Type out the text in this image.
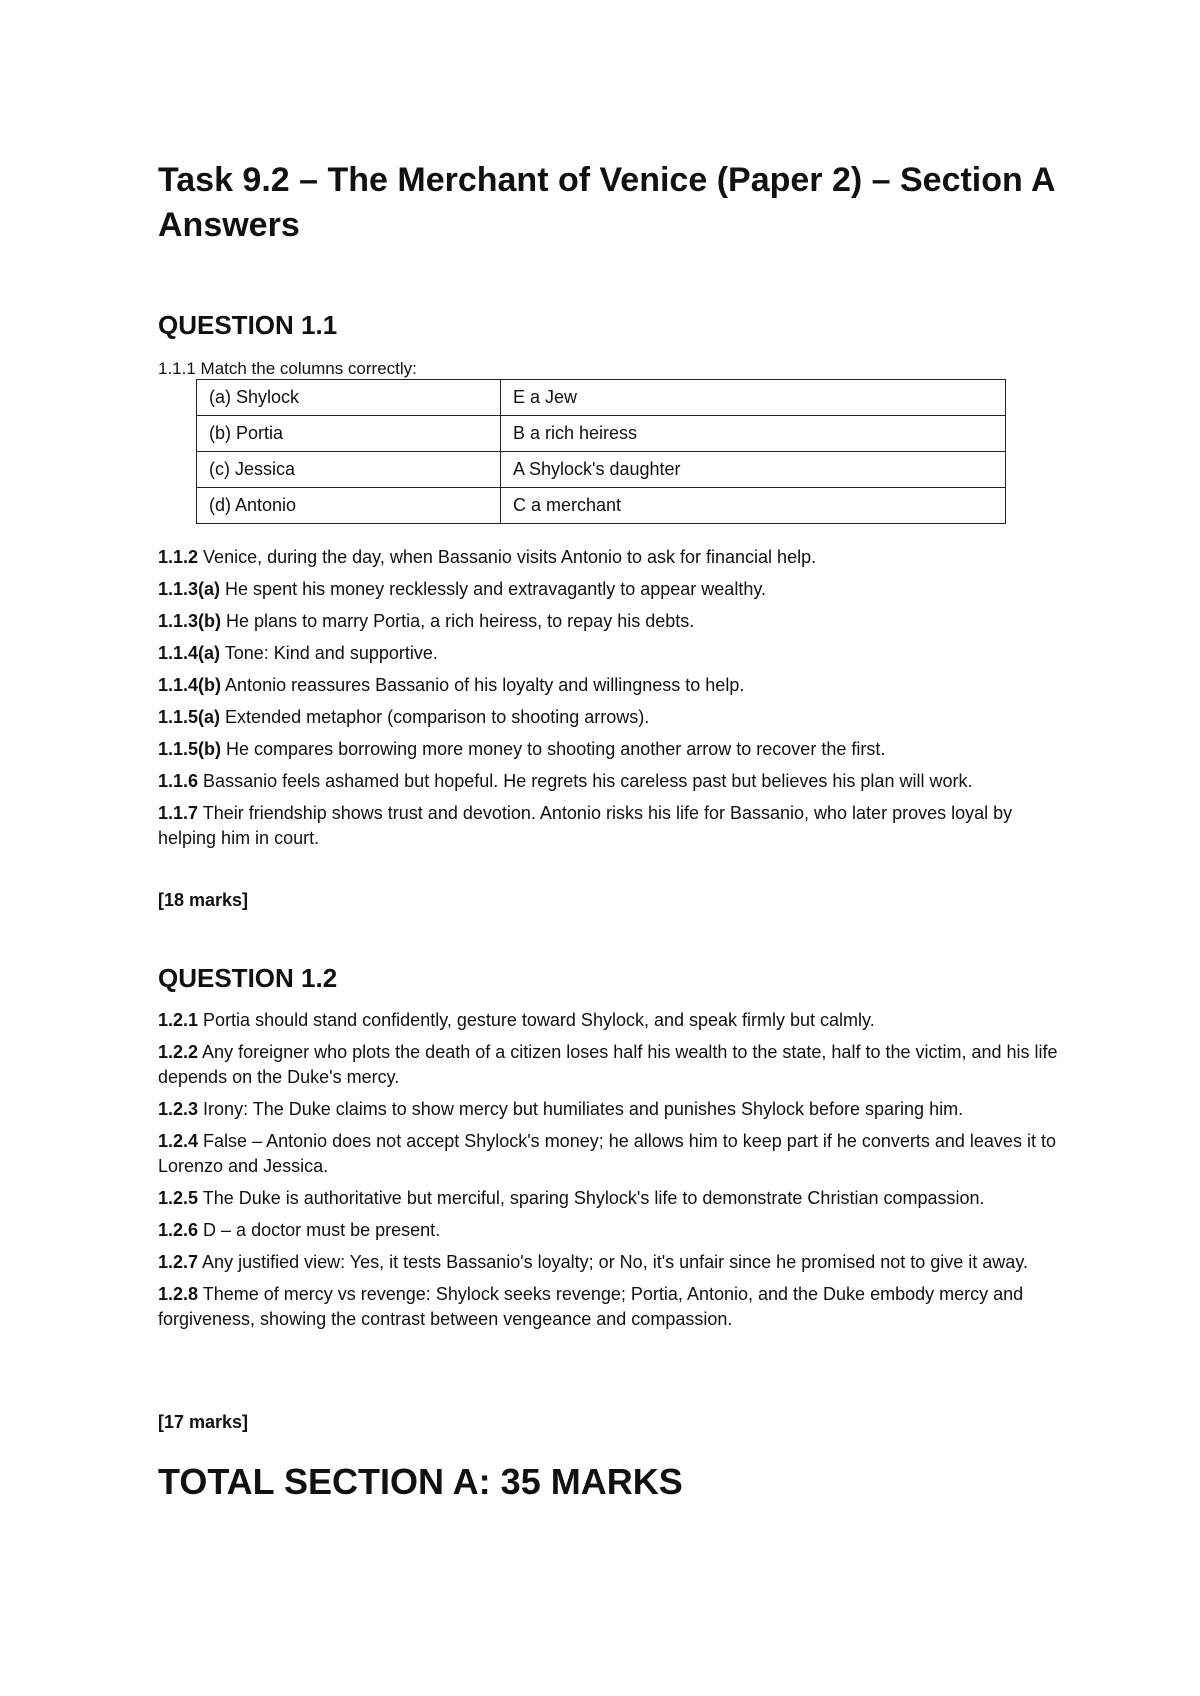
Task 9.2 – The Merchant of Venice (Paper 2) – Section A Answers
QUESTION 1.1

1.1.1 Match the columns correctly:

(a) Shylock	E a Jew
(b) Portia	B a rich heiress
(c) Jessica	A Shylock's daughter
(d) Antonio	C a merchant
1.1.2 Venice, during the day, when Bassanio visits Antonio to ask for financial help.
1.1.3(a) He spent his money recklessly and extravagantly to appear wealthy.
1.1.3(b) He plans to marry Portia, a rich heiress, to repay his debts.
1.1.4(a) Tone: Kind and supportive.
1.1.4(b) Antonio reassures Bassanio of his loyalty and willingness to help.
1.1.5(a) Extended metaphor (comparison to shooting arrows).
1.1.5(b) He compares borrowing more money to shooting another arrow to recover the first.
1.1.6 Bassanio feels ashamed but hopeful. He regrets his careless past but believes his plan will work.
1.1.7 Their friendship shows trust and devotion. Antonio risks his life for Bassanio, who later proves loyal by helping him in court.

[18 marks]

QUESTION 1.2
1.2.1 Portia should stand confidently, gesture toward Shylock, and speak firmly but calmly.
1.2.2 Any foreigner who plots the death of a citizen loses half his wealth to the state, half to the victim, and his life depends on the Duke's mercy.
1.2.3 Irony: The Duke claims to show mercy but humiliates and punishes Shylock before sparing him.
1.2.4 False – Antonio does not accept Shylock's money; he allows him to keep part if he converts and leaves it to Lorenzo and Jessica.
1.2.5 The Duke is authoritative but merciful, sparing Shylock's life to demonstrate Christian compassion.
1.2.6 D – a doctor must be present.
1.2.7 Any justified view: Yes, it tests Bassanio's loyalty; or No, it's unfair since he promised not to give it away.
1.2.8 Theme of mercy vs revenge: Shylock seeks revenge; Portia, Antonio, and the Duke embody mercy and forgiveness, showing the contrast between vengeance and compassion.

[17 marks]

TOTAL SECTION A: 35 MARKS
